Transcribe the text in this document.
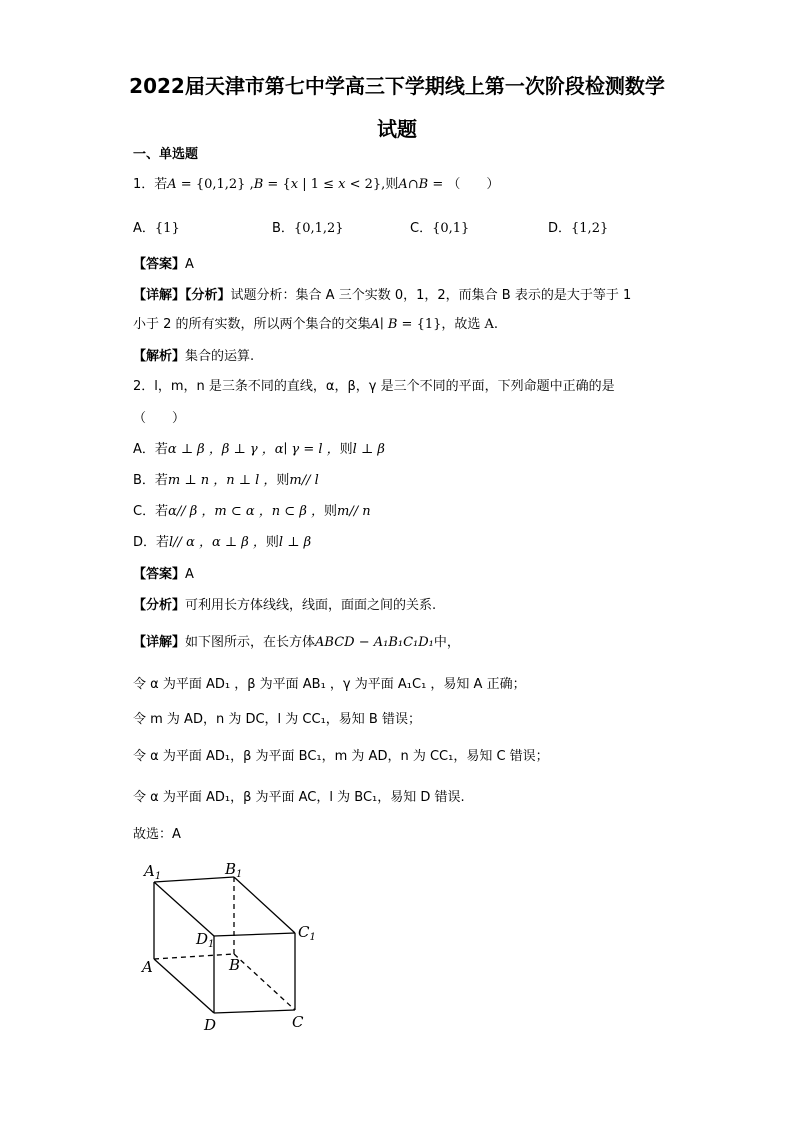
2022届天津市第七中学高三下学期线上第一次阶段检测数学
试题
一、单选题
1．若A = {0,1,2} ,B = {x | 1 ≤ x < 2},则A∩B = （　　）
A．{1}	B．{0,1,2}	C．{0,1}	D．{1,2}
【答案】A
【详解】【分析】试题分析：集合 A 三个实数 0，1，2，而集合 B 表示的是大于等于 1
小于 2 的所有实数，所以两个集合的交集A∣ B = {1}，故选 A.
【解析】集合的运算.
2．l，m，n 是三条不同的直线，α，β，γ 是三个不同的平面，下列命题中正确的是
（　　）
A．若α ⊥ β ，β ⊥ γ ，α∣ γ = l ，则l ⊥ β
B．若m ⊥ n ，n ⊥ l ，则m// l
C．若α// β ，m ⊂ α ，n ⊂ β ，则m// n
D．若l// α ，α ⊥ β ，则l ⊥ β
【答案】A
【分析】可利用长方体线线，线面，面面之间的关系.
【详解】如下图所示，在长方体ABCD − A₁B₁C₁D₁中，
令 α 为平面 AD₁ ，β 为平面 AB₁ ，γ 为平面 A₁C₁ ，易知 A 正确；
令 m 为 AD，n 为 DC，l 为 CC₁，易知 B 错误；
令 α 为平面 AD₁，β 为平面 BC₁，m 为 AD，n 为 CC₁，易知 C 错误；
令 α 为平面 AD₁，β 为平面 AC，l 为 BC₁，易知 D 错误.
故选：A
$A_1$	$B_1$
$D_1$
$C_1$
A	B
D	C
